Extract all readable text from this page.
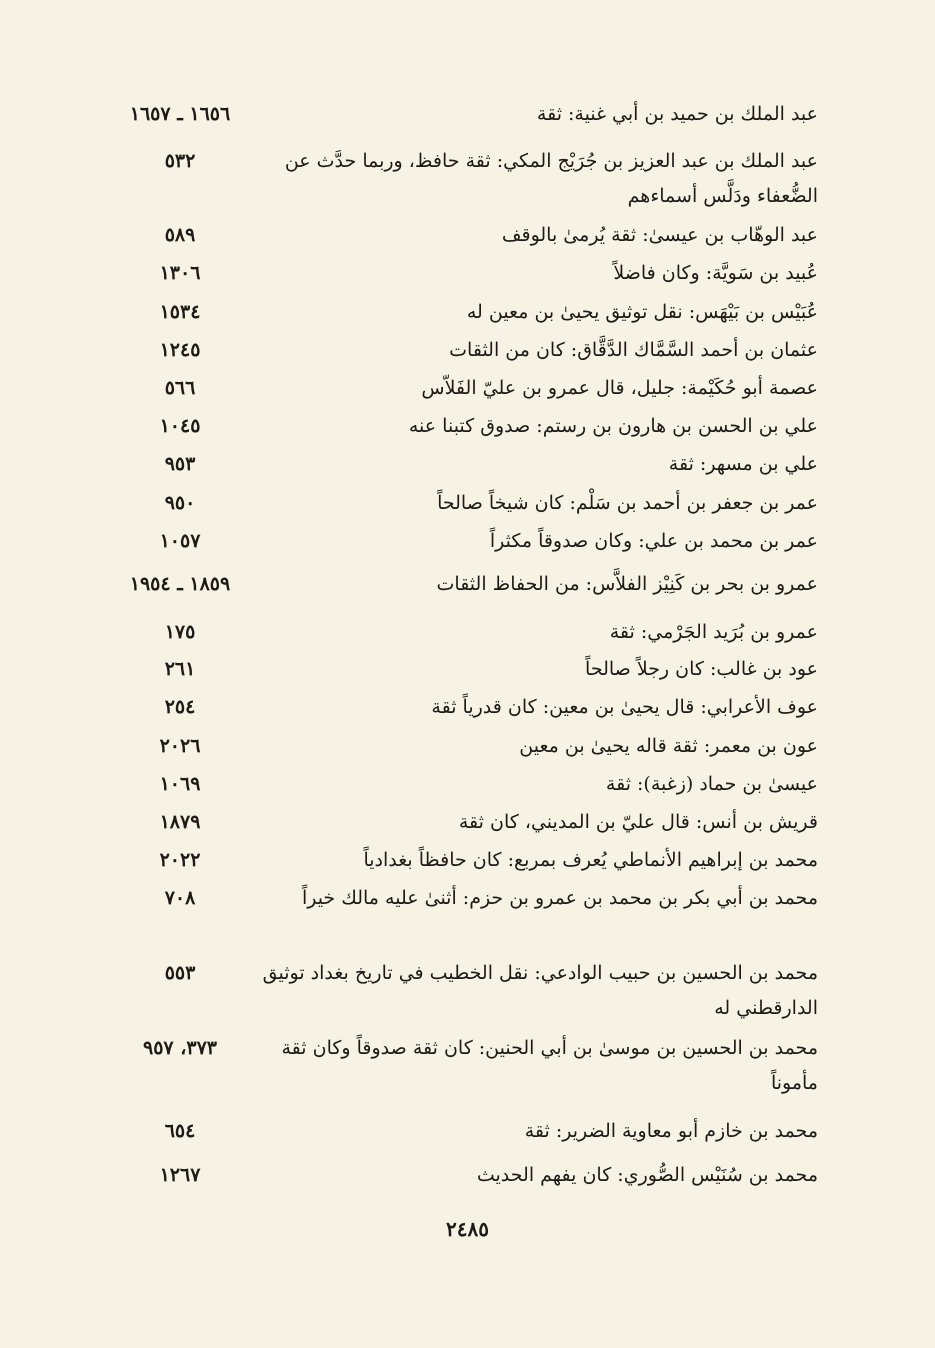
عبد الملك بن حميد بن أبي غنية: ثقة
١٦٥٦ ـ ١٦٥٧
عبد الملك بن عبد العزيز بن جُرَيْج المكي: ثقة حافظ، وربما حدَّث عن الضُّعفاء ودَلَّس أسماءهم
٥٣٢
عبد الوهّاب بن عيسىٰ: ثقة يُرمىٰ بالوقف
٥٨٩
عُبيد بن سَويَّة: وكان فاضلاً
١٣٠٦
عُبَيْس بن بَيْهَس: نقل توثيق يحيىٰ بن معين له
١٥٣٤
عثمان بن أحمد السَّمَّاك الدَّقَّاق: كان من الثقات
١٢٤٥
عصمة أبو حُكَيْمة: جليل، قال عمرو بن عليّ الفَلاّس
٥٦٦
علي بن الحسن بن هارون بن رستم: صدوق كتبنا عنه
١٠٤٥
علي بن مسهر: ثقة
٩٥٣
عمر بن جعفر بن أحمد بن سَلْم: كان شيخاً صالحاً
٩٥٠
عمر بن محمد بن علي: وكان صدوقاً مكثراً
١٠٥٧
عمرو بن بحر بن كَنِيْز الفلاَّس: من الحفاظ الثقات
١٨٥٩ ـ ١٩٥٤
عمرو بن بُرَيد الجَرْمي: ثقة
١٧٥
عود بن غالب: كان رجلاً صالحاً
٢٦١
عوف الأعرابي: قال يحيىٰ بن معين: كان قدرياً ثقة
٢٥٤
عون بن معمر: ثقة قاله يحيىٰ بن معين
٢٠٢٦
عيسىٰ بن حماد (زغبة): ثقة
١٠٦٩
قريش بن أنس: قال عليّ بن المديني، كان ثقة
١٨٧٩
محمد بن إبراهيم الأنماطي يُعرف بمربع: كان حافظاً بغدادياً
٢٠٢٢
محمد بن أبي بكر بن محمد بن عمرو بن حزم: أثنىٰ عليه مالك خيراً
٧٠٨
محمد بن الحسين بن حبيب الوادعي: نقل الخطيب في تاريخ بغداد توثيق الدارقطني له
٥٥٣
محمد بن الحسين بن موسىٰ بن أبي الحنين: كان ثقة صدوقاً وكان ثقة مأموناً
٣٧٣، ٩٥٧
محمد بن خازم أبو معاوية الضرير: ثقة
٦٥٤
محمد بن سُنَيْس الصُّوري: كان يفهم الحديث
١٢٦٧
٢٤٨٥
